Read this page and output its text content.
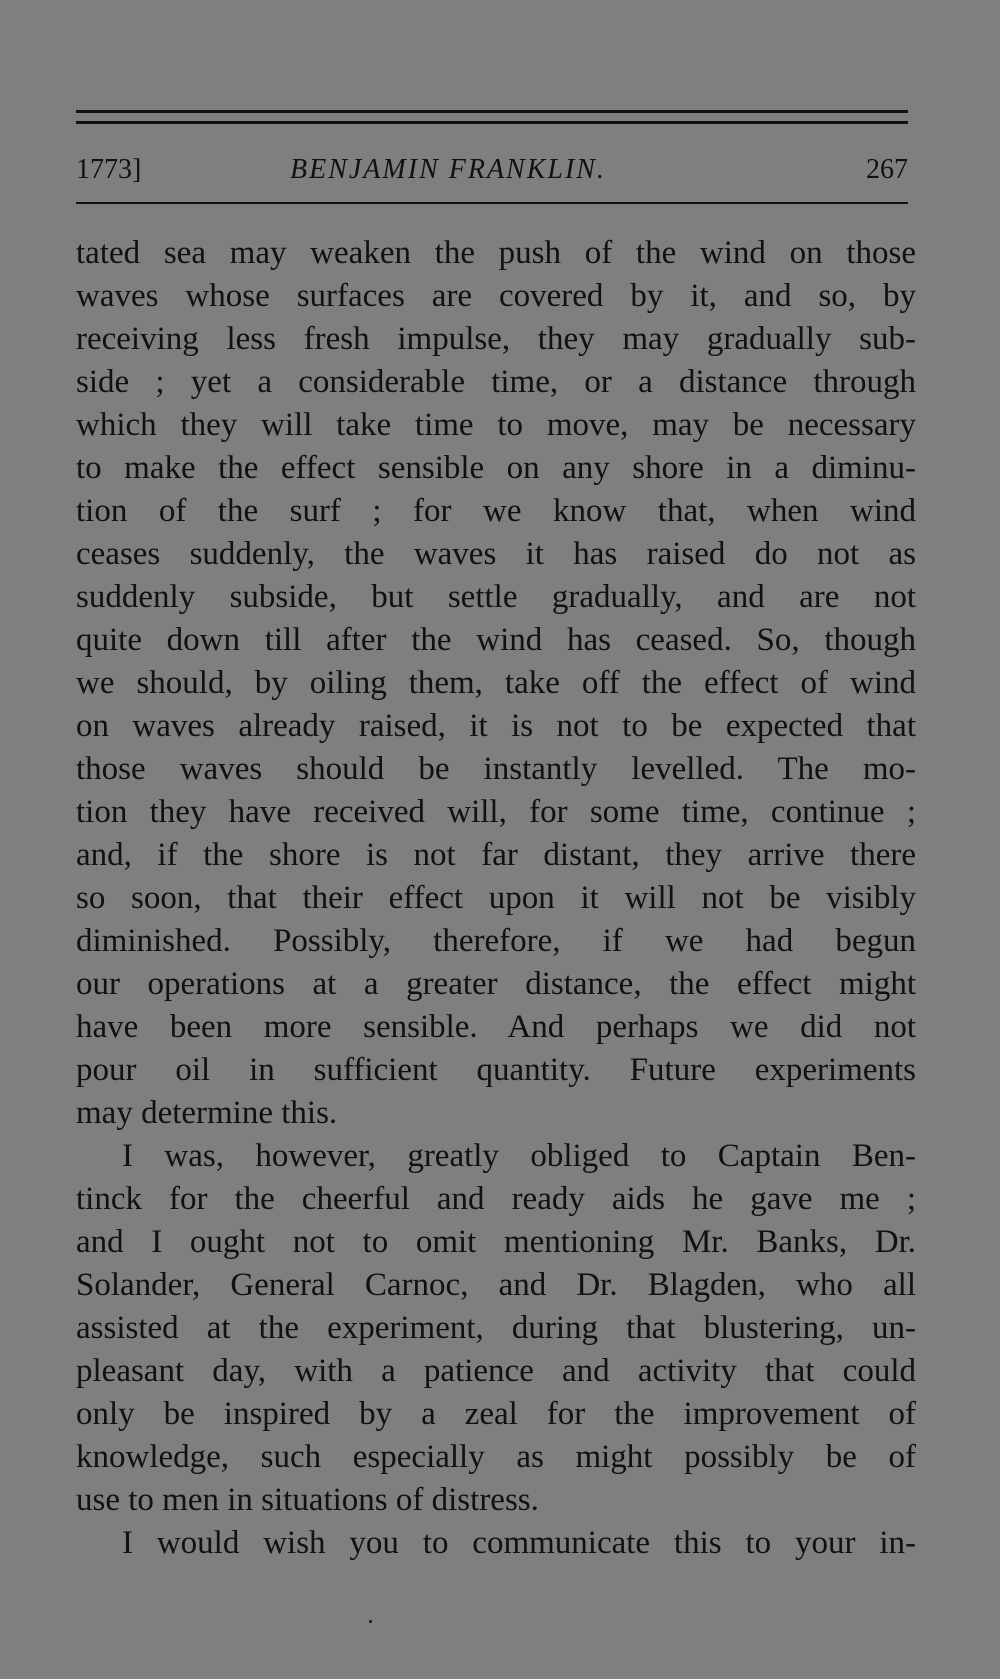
1773]	BENJAMIN FRANKLIN.	267
tated sea may weaken the push of the wind on those
waves whose surfaces are covered by it, and so, by
receiving less fresh impulse, they may gradually sub-
side ; yet a considerable time, or a distance through
which they will take time to move, may be necessary
to make the effect sensible on any shore in a diminu-
tion of the surf ; for we know that, when wind
ceases suddenly, the waves it has raised do not as
suddenly subside, but settle gradually, and are not
quite down till after the wind has ceased. So, though
we should, by oiling them, take off the effect of wind
on waves already raised, it is not to be expected that
those waves should be instantly levelled. The mo-
tion they have received will, for some time, continue ;
and, if the shore is not far distant, they arrive there
so soon, that their effect upon it will not be visibly
diminished. Possibly, therefore, if we had begun
our operations at a greater distance, the effect might
have been more sensible. And perhaps we did not
pour oil in sufficient quantity. Future experiments
may determine this.
I was, however, greatly obliged to Captain Ben-
tinck for the cheerful and ready aids he gave me ;
and I ought not to omit mentioning Mr. Banks, Dr.
Solander, General Carnoc, and Dr. Blagden, who all
assisted at the experiment, during that blustering, un-
pleasant day, with a patience and activity that could
only be inspired by a zeal for the improvement of
knowledge, such especially as might possibly be of
use to men in situations of distress.
I would wish you to communicate this to your in-
